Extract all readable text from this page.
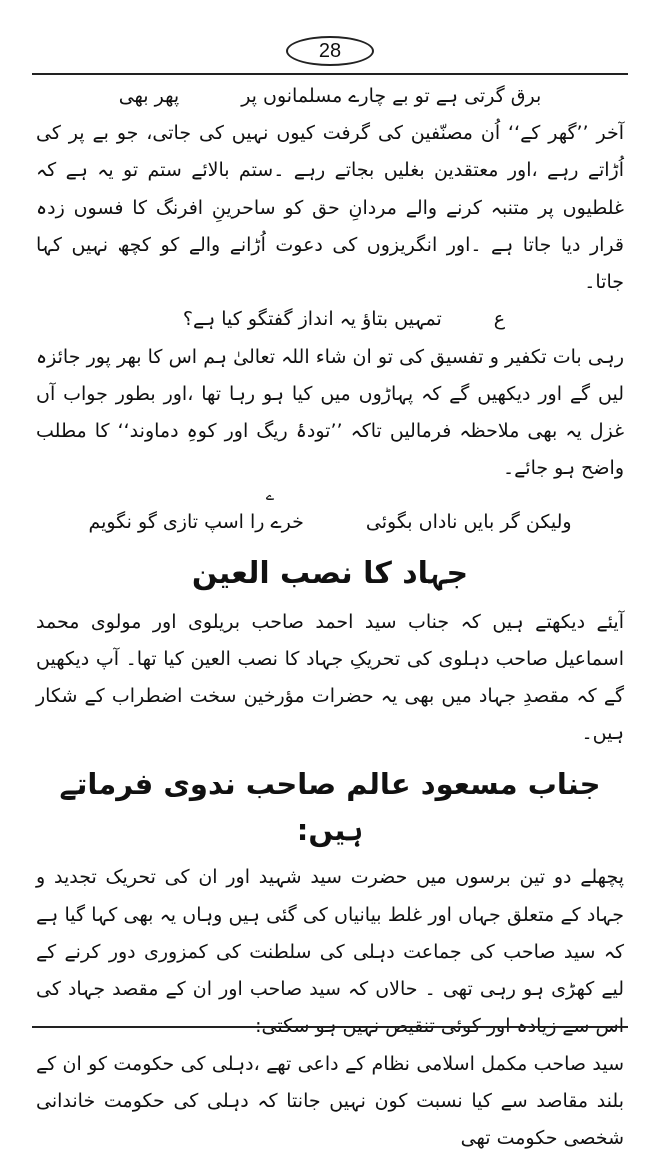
28

برق گرتی ہے تو بے چارے مسلمانوں پر پھر بھی

آخر ’’گھر کے‘‘ اُن مصنّفین کی گرفت کیوں نہیں کی جاتی، جو بے پر کی اُڑاتے رہے ،اور معتقدین بغلیں بجاتے رہے ۔ستم بالائے ستم تو یہ ہے کہ غلطیوں پر متنبہ کرنے والے مردانِ حق کو ساحرینِ افرنگ کا فسوں زدہ قرار دیا جاتا ہے ۔اور انگریزوں کی دعوت اُڑانے والے کو کچھ نہیں کہا جاتا۔

ع تمہیں بتاؤ یہ انداز گفتگو کیا ہے؟

رہی بات تکفیر و تفسیق کی تو ان شاء اللہ تعالیٰ ہم اس کا بھر پور جائزہ لیں گے اور دیکھیں گے کہ پہاڑوں میں کیا ہو رہا تھا ،اور بطور جواب آں غزل یہ بھی ملاحظہ فرمالیں تاکہ ’’تودۂ ریگ اور کوہِ دماوند‘‘ کا مطلب واضح ہو جائے۔

ے

ولیکن گر بایں ناداں بگوئی خرے را اسپ تازی گو نگویم

جہاد کا نصب العین

آیئے دیکھتے ہیں کہ جناب سید احمد صاحب بریلوی اور مولوی محمد اسماعیل صاحب دہلوی کی تحریکِ جہاد کا نصب العین کیا تھا۔ آپ دیکھیں گے کہ مقصدِ جہاد میں بھی یہ حضرات مؤرخین سخت اضطراب کے شکار ہیں۔

جناب مسعود عالم صاحب ندوی فرماتے ہیں:

پچھلے دو تین برسوں میں حضرت سید شہید اور ان کی تحریک تجدید و جہاد کے متعلق جہاں اور غلط بیانیاں کی گئی ہیں وہاں یہ بھی کہا گیا ہے کہ سید صاحب کی جماعت دہلی کی سلطنت کی کمزوری دور کرنے کے لیے کھڑی ہو رہی تھی ۔ حالاں کہ سید صاحب اور ان کے مقصد جہاد کی اس سے زیادہ اور کوئی تنقیص نہیں ہو سکتی:

سید صاحب مکمل اسلامی نظام کے داعی تھے ،دہلی کی حکومت کو ان کے بلند مقاصد سے کیا نسبت کون نہیں جانتا کہ دہلی کی حکومت خاندانی شخصی حکومت تھی
